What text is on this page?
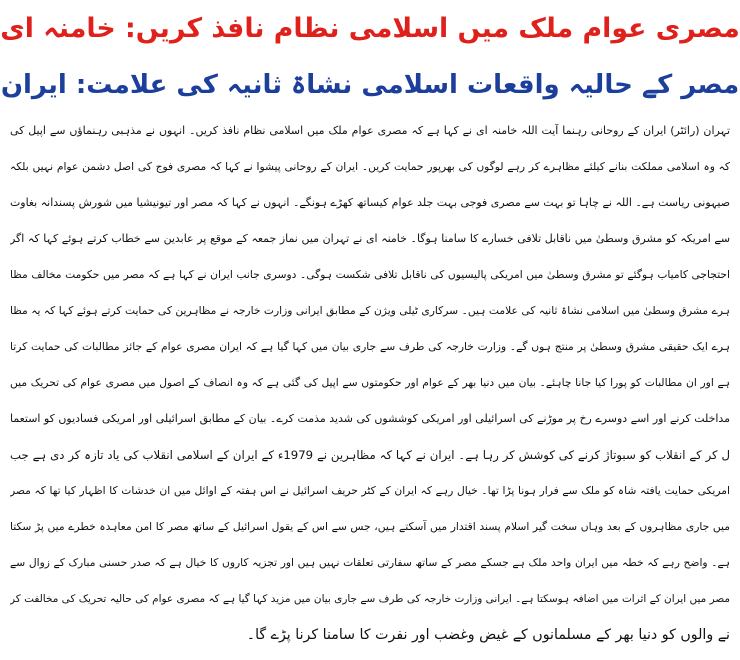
مصری عوام ملک میں اسلامی نظام نافذ کریں: خامنہ ای
مصر کے حالیہ واقعات اسلامی نشاۃ ثانیہ کی علامت: ایران
تہران (رائٹر) ایران کے روحانی رہنما آیت اللہ خامنہ ای نے کہا ہے کہ مصری عوام ملک میں اسلامی نظام نافذ کریں۔ انہوں نے مذہبی رہنماؤں سے اپیل کی
کہ وہ اسلامی مملکت بنانے کیلئے مظاہرے کر رہے لوگوں کی بھرپور حمایت کریں۔ ایران کے روحانی پیشوا نے کہا کہ مصری فوج کی اصل دشمن عوام نہیں بلکہ
صیہونی ریاست ہے۔ اللہ نے چاہا تو بہت سے مصری فوجی بہت جلد عوام کیساتھ کھڑے ہونگے۔ انہوں نے کہا کہ مصر اور تیونیشیا میں شورش پسندانہ بغاوت
سے امریکہ کو مشرق وسطیٰ میں ناقابل تلافی خسارے کا سامنا ہوگا۔ خامنہ ای نے تہران میں نماز جمعہ کے موقع پر عابدین سے خطاب کرتے ہوئے کہا کہ اگر
احتجاجی کامیاب ہوگئے تو مشرق وسطیٰ میں امریکی پالیسیوں کی ناقابل تلافی شکست ہوگی۔ دوسری جانب ایران نے کہا ہے کہ مصر میں حکومت مخالف مظا
ہرے مشرق وسطیٰ میں اسلامی نشاۃ ثانیہ کی علامت ہیں۔ سرکاری ٹیلی ویژن کے مطابق ایرانی وزارت خارجہ نے مظاہرین کی حمایت کرتے ہوئے کہا کہ یہ مظا
ہرے ایک حقیقی مشرق وسطیٰ پر منتج ہوں گے۔ وزارت خارجہ کی طرف سے جاری بیان میں کہا گیا ہے کہ ایران مصری عوام کے جائز مطالبات کی حمایت کرتا
ہے اور ان مطالبات کو پورا کیا جانا چاہئے۔ بیان میں دنیا بھر کے عوام اور حکومتوں سے اپیل کی گئی ہے کہ وہ انصاف کے اصول میں مصری عوام کی تحریک میں
مداخلت کرنے اور اسے دوسرے رخ پر موڑنے کی اسرائیلی اور امریکی کوششوں کی شدید مذمت کرے۔ بیان کے مطابق اسرائیلی اور امریکی فسادیوں کو استعما
ل کر کے انقلاب کو سبوتاژ کرنے کی کوشش کر رہا ہے۔ ایران نے کہا کہ مظاہرین نے 1979ء کے ایران کے اسلامی انقلاب کی یاد تازہ کر دی ہے جب
امریکی حمایت یافتہ شاہ کو ملک سے فرار ہونا پڑا تھا۔ خیال رہے کہ ایران کے کٹر حریف اسرائیل نے اس ہفتہ کے اوائل میں ان خدشات کا اظہار کیا تھا کہ مصر
میں جاری مظاہروں کے بعد وہاں سخت گیر اسلام پسند اقتدار میں آسکتے ہیں، جس سے اس کے یقول اسرائیل کے ساتھ مصر کا امن معاہدہ خطرے میں پڑ سکتا
ہے۔ واضح رہے کہ خطہ میں ایران واحد ملک ہے جسکے مصر کے ساتھ سفارتی تعلقات نہیں ہیں اور تجزیہ کاروں کا خیال ہے کہ صدر حسنی مبارک کے زوال سے
مصر میں ایران کے اثرات میں اضافہ ہوسکتا ہے۔ ایرانی وزارت خارجہ کی طرف سے جاری بیان میں مزید کہا گیا ہے کہ مصری عوام کی حالیہ تحریک کی مخالفت کر
نے والوں کو دنیا بھر کے مسلمانوں کے غیض وغضب اور نفرت کا سامنا کرنا پڑے گا۔
